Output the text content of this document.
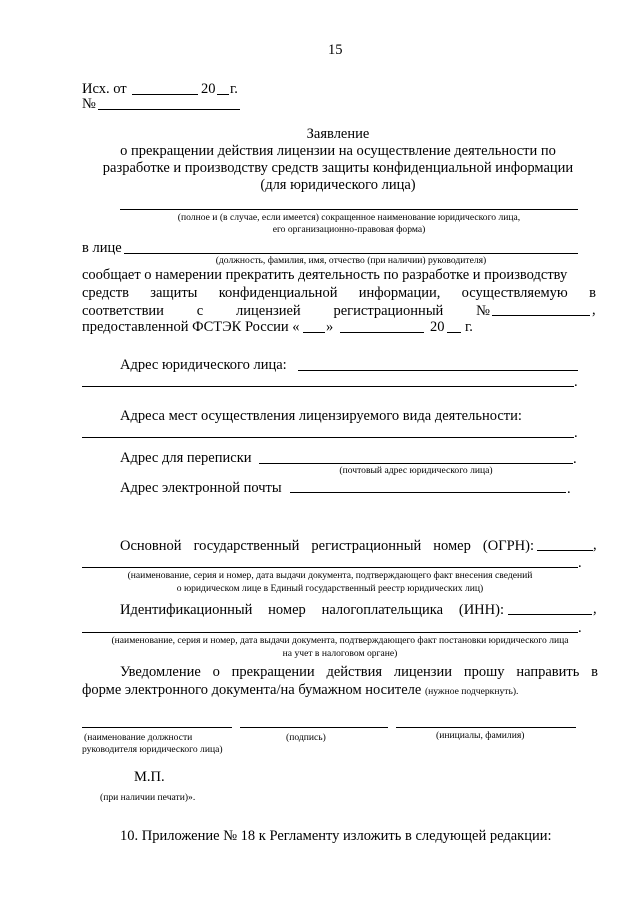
15
Исх. от	20 г.
№
Заявление
о прекращении действия лицензии на осуществление деятельности по
разработке и производству средств защиты конфиденциальной информации
(для юридического лица)
(полное и (в случае, если имеется) сокращенное наименование юридического лица,
его организационно-правовая форма)
в лице
(должность, фамилия, имя, отчество (при наличии) руководителя)
сообщает о намерении прекратить деятельность по разработке и производству
средств защиты конфиденциальной информации, осуществляемую в
соответствии с лицензией регистрационный №	,
предоставленной ФСТЭК России « »	20 г.
Адрес юридического лица:
.
Адреса мест осуществления лицензируемого вида деятельности:
.
Адрес для переписки	.
(почтовый адрес юридического лица)
Адрес электронной почты	.
Основной государственный регистрационный номер (ОГРН):	,
.
(наименование, серия и номер, дата выдачи документа, подтверждающего факт внесения сведений
о юридическом лице в Единый государственный реестр юридических лиц)
Идентификационный номер налогоплательщика (ИНН):	,
.
(наименование, серия и номер, дата выдачи документа, подтверждающего факт постановки юридического лица
на учет в налоговом органе)
Уведомление о прекращении действия лицензии прошу направить в
форме электронного документа/на бумажном носителе (нужное подчеркнуть).
(наименование должности
руководителя юридического лица)
(подпись)	(инициалы, фамилия)
М.П.
(при наличии печати)».
10. Приложение № 18 к Регламенту изложить в следующей редакции:
